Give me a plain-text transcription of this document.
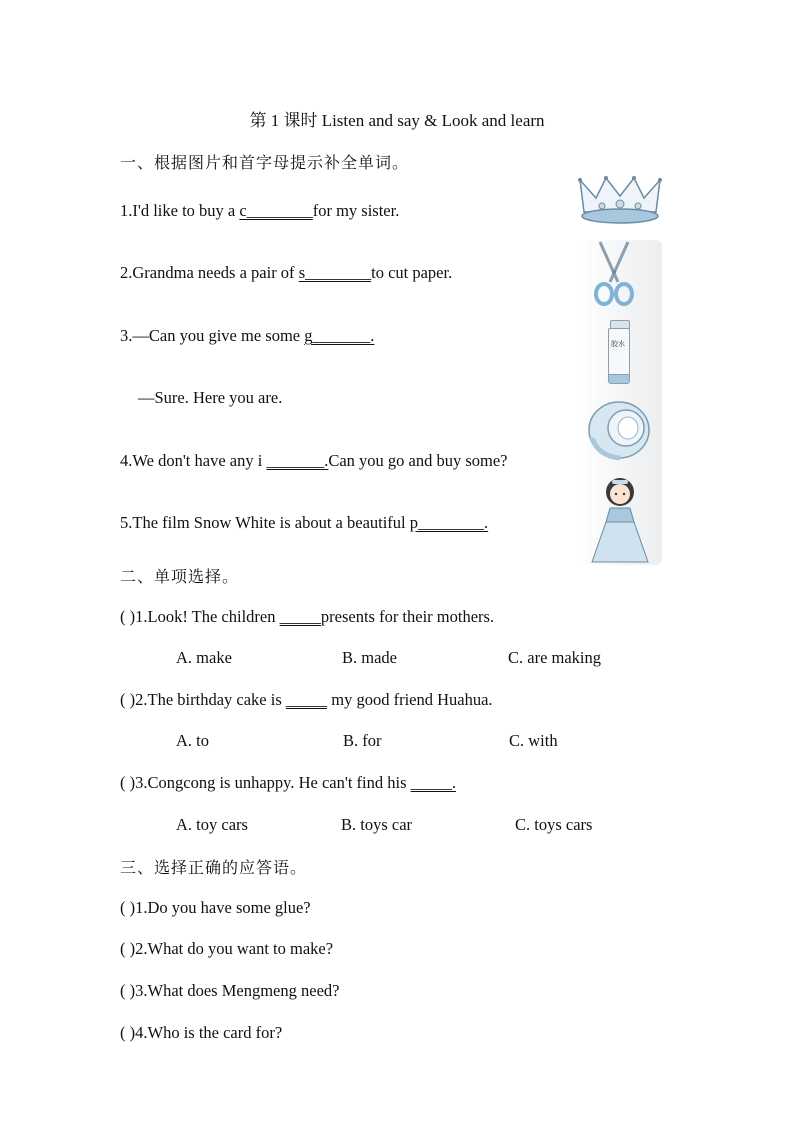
第 1 课时 Listen and say & Look and learn
一、根据图片和首字母提示补全单词。
1.I'd like to buy a c________for my sister.
2.Grandma needs a pair of s________to cut paper.
3.—Can you give me some g_______.
—Sure. Here you are.
4.We don't have any i _______.Can you go and buy some?
5.The film Snow White is about a beautiful p________.
胶水
二、单项选择。
( )1.Look! The children _____presents for their mothers.
A. make	B. made	C. are making
( )2.The birthday cake is _____ my good friend Huahua.
A. to	B. for	C. with
( )3.Congcong is unhappy. He can't find his _____.
A. toy cars	B. toys car	C. toys cars
三、选择正确的应答语。
( )1.Do you have some glue?
( )2.What do you want to make?
( )3.What does Mengmeng need?
( )4.Who is the card for?
